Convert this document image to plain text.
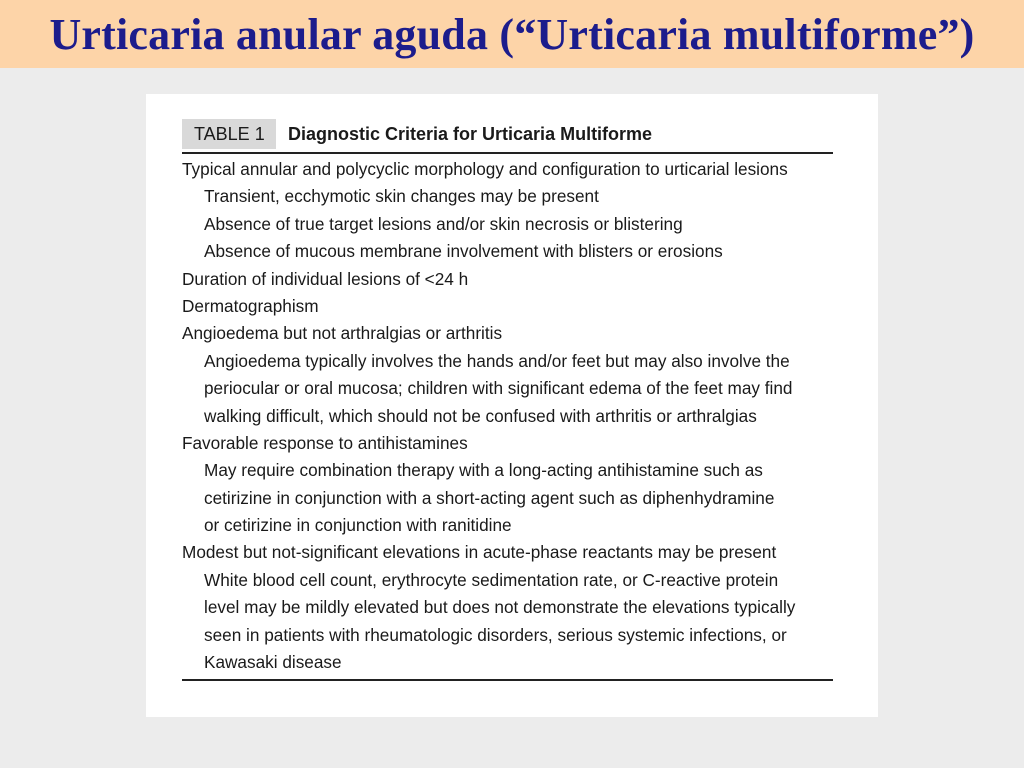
Urticaria anular aguda (“Urticaria multiforme”)
TABLE 1	Diagnostic Criteria for Urticaria Multiforme
Typical annular and polycyclic morphology and configuration to urticarial lesions
Transient, ecchymotic skin changes may be present
Absence of true target lesions and/or skin necrosis or blistering
Absence of mucous membrane involvement with blisters or erosions
Duration of individual lesions of <24 h
Dermatographism
Angioedema but not arthralgias or arthritis
Angioedema typically involves the hands and/or feet but may also involve the
periocular or oral mucosa; children with significant edema of the feet may find
walking difficult, which should not be confused with arthritis or arthralgias
Favorable response to antihistamines
May require combination therapy with a long-acting antihistamine such as
cetirizine in conjunction with a short-acting agent such as diphenhydramine
or cetirizine in conjunction with ranitidine
Modest but not-significant elevations in acute-phase reactants may be present
White blood cell count, erythrocyte sedimentation rate, or C-reactive protein
level may be mildly elevated but does not demonstrate the elevations typically
seen in patients with rheumatologic disorders, serious systemic infections, or
Kawasaki disease
